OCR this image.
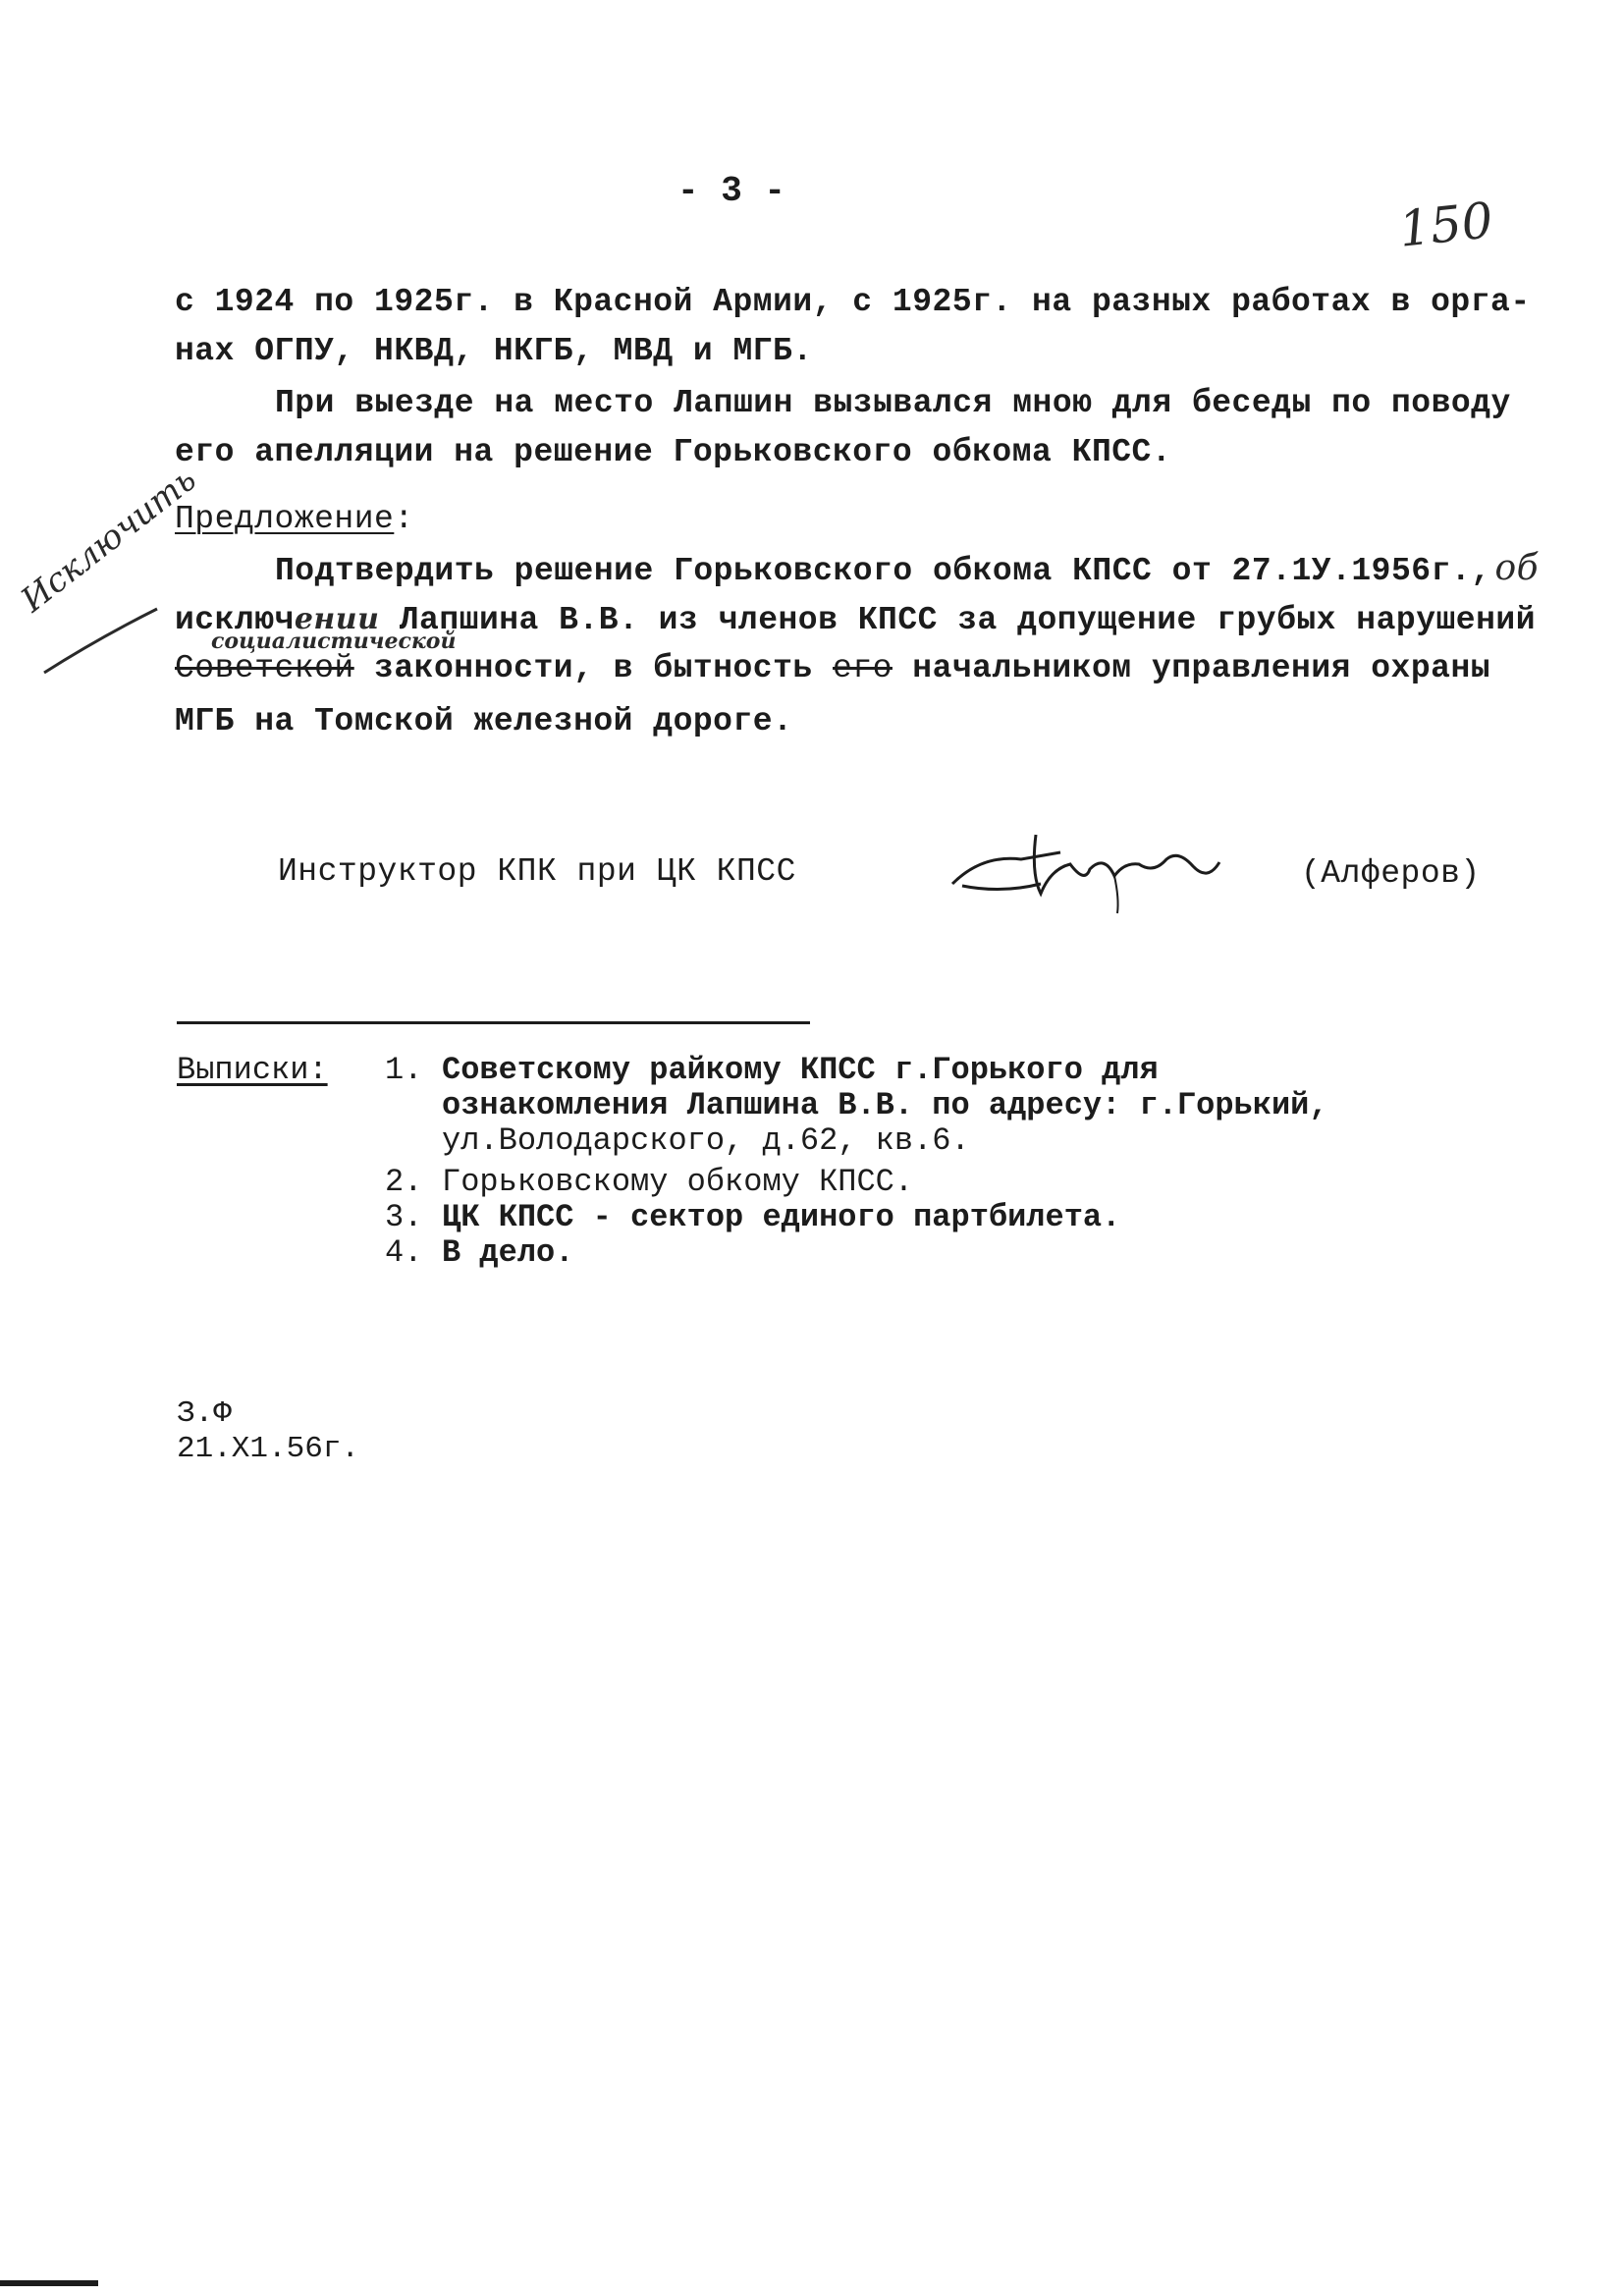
- 3 -
150
с 1924 по 1925г. в Красной Армии, с 1925г. на разных работах в орга-
нах ОГПУ, НКВД, НКГБ, МВД и МГБ.
При выезде на место Лапшин вызывался мною для беседы по поводу
его апелляции на решение Горьковского обкома КПСС.
Предложение:
Подтвердить решение Горьковского обкома КПСС от 27.1У.1956г., об
исключении Лапшина В.В. из членов КПСС за допущение грубых нарушений
социалистической
Советской законности, в бытность его начальником управления охраны
МГБ на Томской железной дороге.
Исключить
Инструктор КПК при ЦК КПСС	(Алферов)
Выписки: 1. Советскому райкому КПСС г.Горького для
ознакомления Лапшина В.В. по адресу: г.Горький,
ул.Володарского, д.62, кв.6.
2. Горьковскому обкому КПСС.
3. ЦК КПСС - сектор единого партбилета.
4. В дело.
З.Ф
21.X1.56г.
